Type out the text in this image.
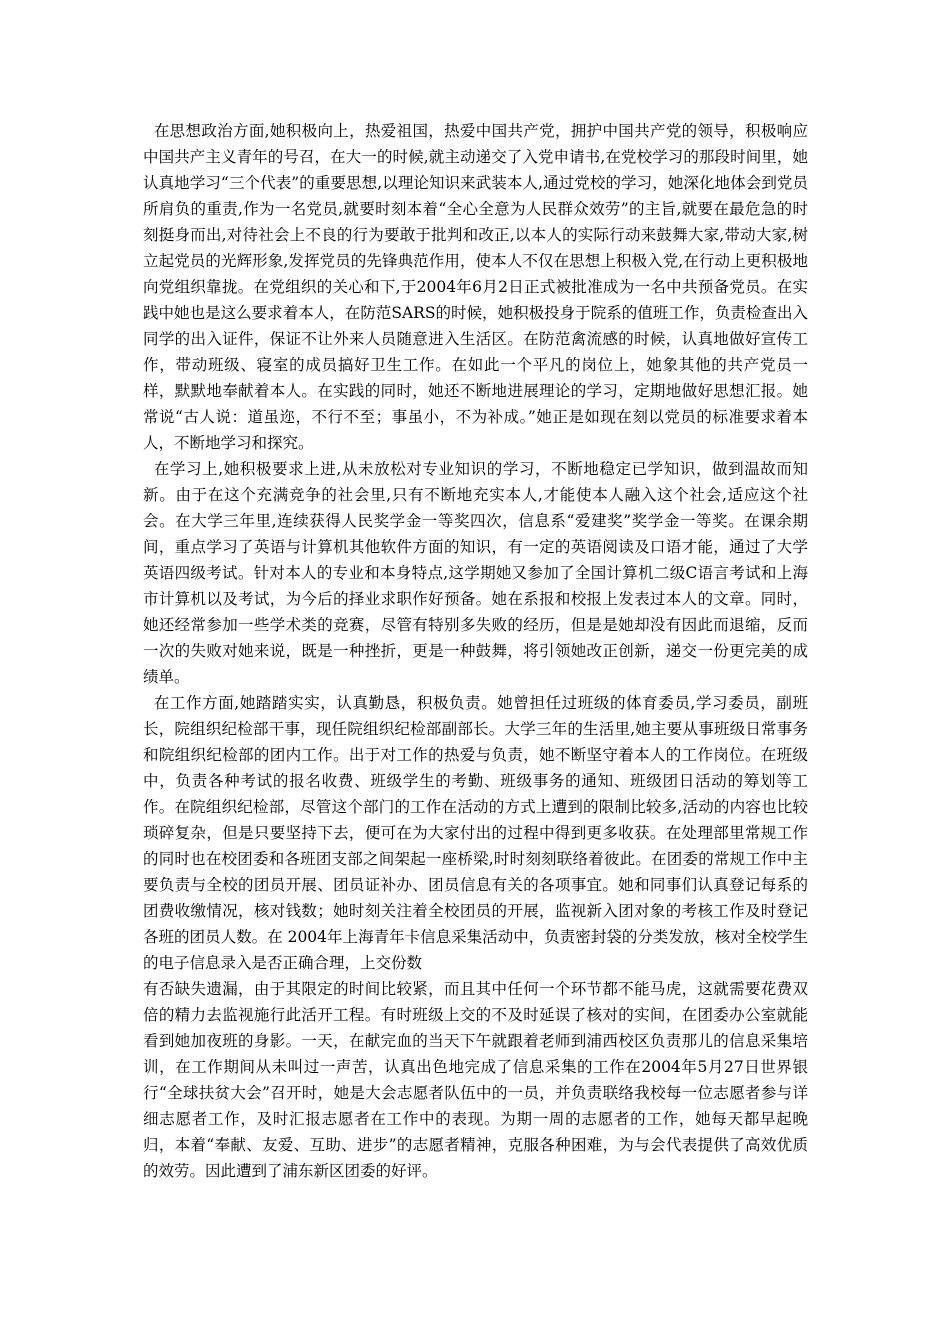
在思想政治方面,她积极向上，热爱祖国，热爱中国共产党，拥护中国共产党的领导，积极响应中国共产主义青年的号召，在大一的时候,就主动递交了入党申请书,在党校学习的那段时间里，她认真地学习“三个代表”的重要思想,以理论知识来武装本人,通过党校的学习，她深化地体会到党员所肩负的重责,作为一名党员,就要时刻本着“全心全意为人民群众效劳”的主旨,就要在最危急的时刻挺身而出,对待社会上不良的行为要敢于批判和改正,以本人的实际行动来鼓舞大家,带动大家,树立起党员的光辉形象,发挥党员的先锋典范作用，使本人不仅在思想上积极入党,在行动上更积极地向党组织靠拢。在党组织的关心和下,于2004年6月2日正式被批准成为一名中共预备党员。在实践中她也是这么要求着本人，在防范SARS的时候，她积极投身于院系的值班工作，负责检查出入同学的出入证件，保证不让外来人员随意进入生活区。在防范禽流感的时候，认真地做好宣传工作，带动班级、寝室的成员搞好卫生工作。在如此一个平凡的岗位上，她象其他的共产党员一样，默默地奉献着本人。在实践的同时，她还不断地进展理论的学习，定期地做好思想汇报。她常说“古人说：道虽迩，不行不至；事虽小，不为补成。”她正是如现在刻以党员的标准要求着本人，不断地学习和探究。

在学习上,她积极要求上进,从未放松对专业知识的学习，不断地稳定已学知识，做到温故而知新。由于在这个充满竞争的社会里,只有不断地充实本人,才能使本人融入这个社会,适应这个社会。在大学三年里,连续获得人民奖学金一等奖四次，信息系“爱建奖”奖学金一等奖。在课余期间，重点学习了英语与计算机其他软件方面的知识，有一定的英语阅读及口语才能，通过了大学英语四级考试。针对本人的专业和本身特点,这学期她又参加了全国计算机二级C语言考试和上海市计算机以及考试，为今后的择业求职作好预备。她在系报和校报上发表过本人的文章。同时，她还经常参加一些学术类的竞赛，尽管有特别多失败的经历，但是是她却没有因此而退缩，反而一次的失败对她来说，既是一种挫折，更是一种鼓舞，将引领她改正创新，递交一份更完美的成绩单。

在工作方面,她踏踏实实，认真勤恳，积极负责。她曾担任过班级的体育委员,学习委员，副班长，院组织纪检部干事，现任院组织纪检部副部长。大学三年的生活里,她主要从事班级日常事务和院组织纪检部的团内工作。出于对工作的热爱与负责，她不断坚守着本人的工作岗位。在班级中，负责各种考试的报名收费、班级学生的考勤、班级事务的通知、班级团日活动的筹划等工作。在院组织纪检部，尽管这个部门的工作在活动的方式上遭到的限制比较多,活动的内容也比较琐碎复杂，但是只要坚持下去，便可在为大家付出的过程中得到更多收获。在处理部里常规工作的同时也在校团委和各班团支部之间架起一座桥梁,时时刻刻联络着彼此。在团委的常规工作中主要负责与全校的团员开展、团员证补办、团员信息有关的各项事宜。她和同事们认真登记每系的团费收缴情况，核对钱数；她时刻关注着全校团员的开展，监视新入团对象的考核工作及时登记各班的团员人数。在 2004年上海青年卡信息采集活动中，负责密封袋的分类发放，核对全校学生的电子信息录入是否正确合理，上交份数

有否缺失遗漏，由于其限定的时间比较紧，而且其中任何一个环节都不能马虎，这就需要花费双倍的精力去监视施行此活开工程。有时班级上交的不及时延误了核对的实间，在团委办公室就能看到她加夜班的身影。一天，在献完血的当天下午就跟着老师到浦西校区负责那儿的信息采集培训，在工作期间从未叫过一声苦，认真出色地完成了信息采集的工作在2004年5月27日世界银行“全球扶贫大会”召开时，她是大会志愿者队伍中的一员，并负责联络我校每一位志愿者参与详细志愿者工作，及时汇报志愿者在工作中的表现。为期一周的志愿者的工作，她每天都早起晚归，本着“奉献、友爱、互助、进步”的志愿者精神，克服各种困难，为与会代表提供了高效优质的效劳。因此遭到了浦东新区团委的好评。
